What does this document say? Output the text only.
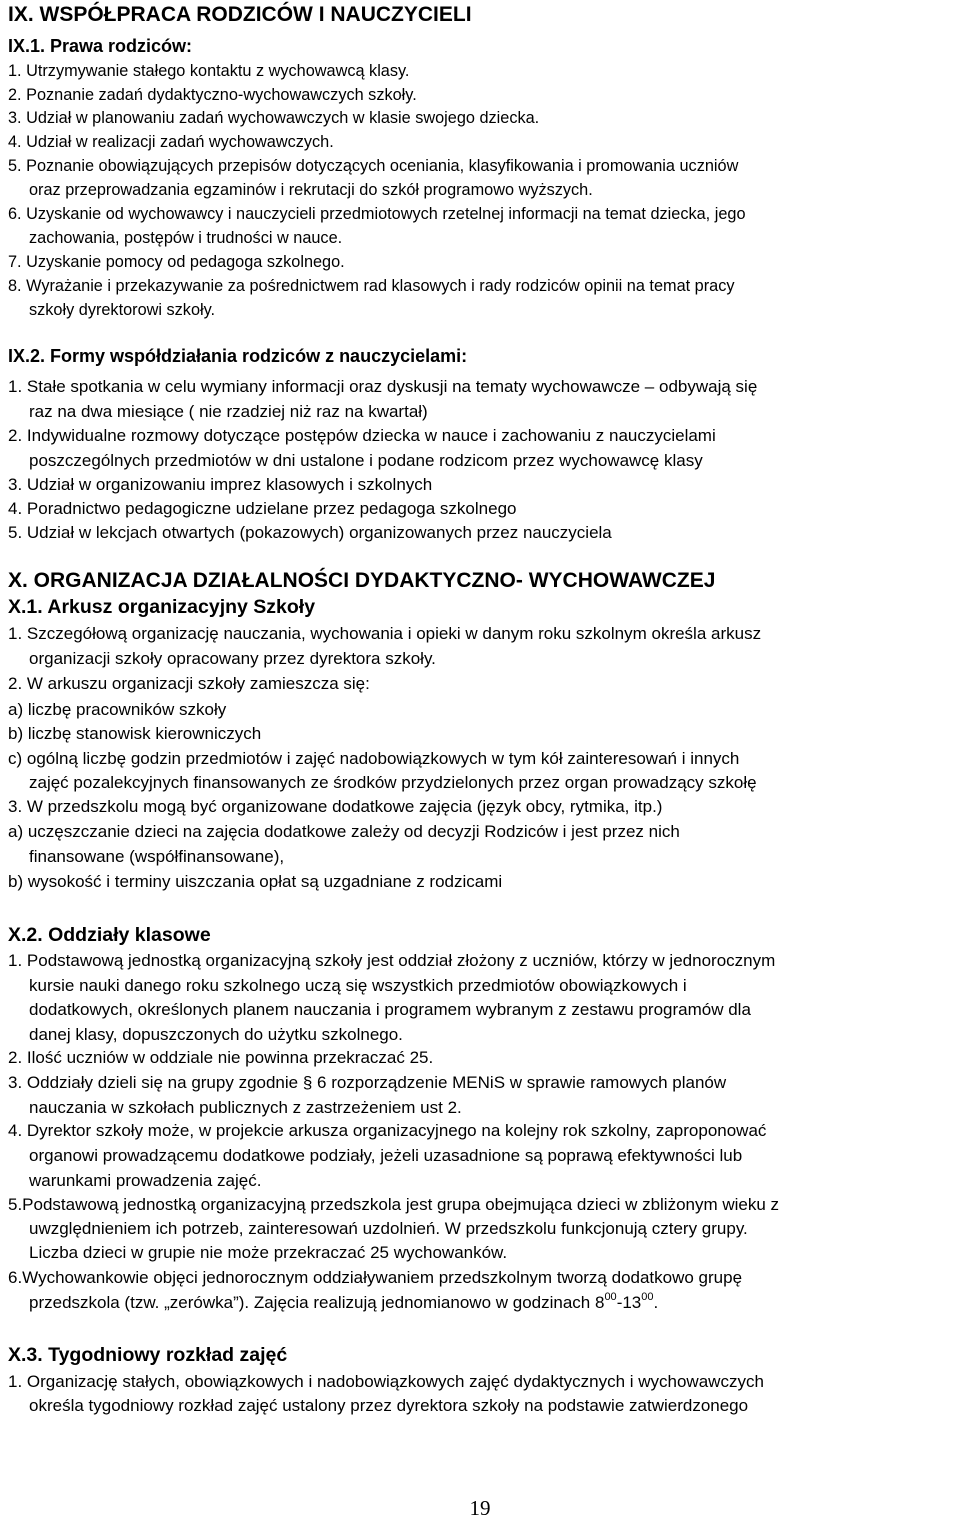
IX. WSPÓŁPRACA RODZICÓW I NAUCZYCIELI
IX.1. Prawa rodziców:
1. Utrzymywanie stałego kontaktu z wychowawcą klasy.
2. Poznanie zadań dydaktyczno-wychowawczych szkoły.
3. Udział w planowaniu zadań wychowawczych w klasie swojego dziecka.
4. Udział w realizacji zadań wychowawczych.
5. Poznanie obowiązujących przepisów dotyczących oceniania, klasyfikowania i promowania uczniów
oraz przeprowadzania egzaminów i rekrutacji do szkół programowo wyższych.
6. Uzyskanie od wychowawcy i nauczycieli przedmiotowych rzetelnej informacji na temat dziecka, jego
zachowania, postępów i trudności w nauce.
7. Uzyskanie pomocy od pedagoga szkolnego.
8. Wyrażanie i przekazywanie za pośrednictwem rad klasowych i rady rodziców opinii na temat pracy
szkoły dyrektorowi szkoły.
IX.2. Formy współdziałania rodziców z nauczycielami:
1. Stałe spotkania w celu wymiany informacji oraz dyskusji na tematy wychowawcze – odbywają się
raz na dwa miesiące ( nie rzadziej niż raz na kwartał)
2. Indywidualne rozmowy dotyczące postępów dziecka w nauce i zachowaniu z nauczycielami
poszczególnych przedmiotów w dni ustalone i podane rodzicom przez wychowawcę klasy
3. Udział w organizowaniu imprez klasowych i szkolnych
4. Poradnictwo pedagogiczne udzielane przez pedagoga szkolnego
5. Udział w lekcjach otwartych (pokazowych) organizowanych przez nauczyciela
X. ORGANIZACJA DZIAŁALNOŚCI DYDAKTYCZNO- WYCHOWAWCZEJ
X.1. Arkusz organizacyjny Szkoły
1. Szczegółową organizację nauczania, wychowania i opieki w danym roku szkolnym określa arkusz
organizacji szkoły opracowany przez dyrektora szkoły.
2. W arkuszu organizacji szkoły zamieszcza się:
a) liczbę pracowników szkoły
b) liczbę stanowisk kierowniczych
c) ogólną liczbę godzin przedmiotów i zajęć nadobowiązkowych w tym kół zainteresowań i innych
zajęć pozalekcyjnych finansowanych ze środków przydzielonych przez organ prowadzący szkołę
3. W przedszkolu mogą być organizowane dodatkowe zajęcia (język obcy, rytmika, itp.)
a) uczęszczanie dzieci na zajęcia dodatkowe zależy od decyzji Rodziców i jest przez nich
finansowane (współfinansowane),
b) wysokość i terminy uiszczania opłat są uzgadniane z rodzicami
X.2. Oddziały klasowe
1. Podstawową jednostką organizacyjną szkoły jest oddział złożony z uczniów, którzy w jednorocznym
kursie nauki danego roku szkolnego uczą się wszystkich przedmiotów obowiązkowych i
dodatkowych, określonych planem nauczania i programem wybranym z zestawu programów dla
danej klasy, dopuszczonych do użytku szkolnego.
2. Ilość uczniów w oddziale nie powinna przekraczać 25.
3. Oddziały dzieli się na grupy zgodnie § 6 rozporządzenie MENiS w sprawie ramowych planów
nauczania w szkołach publicznych z zastrzeżeniem ust 2.
4. Dyrektor szkoły może, w projekcie arkusza organizacyjnego na kolejny rok szkolny, zaproponować
organowi prowadzącemu dodatkowe podziały, jeżeli uzasadnione są poprawą efektywności lub
warunkami prowadzenia zajęć.
5.Podstawową jednostką organizacyjną przedszkola jest grupa obejmująca dzieci w zbliżonym wieku z
uwzględnieniem ich potrzeb, zainteresowań uzdolnień. W przedszkolu funkcjonują cztery grupy.
Liczba dzieci w grupie nie może przekraczać 25 wychowanków.
6.Wychowankowie objęci jednorocznym oddziaływaniem przedszkolnym tworzą dodatkowo grupę
przedszkola (tzw. „zerówka”). Zajęcia realizują jednomianowo w godzinach $8^{00}-13^{00}$.
X.3. Tygodniowy rozkład zajęć
1. Organizację stałych, obowiązkowych i nadobowiązkowych zajęć dydaktycznych i wychowawczych
określa tygodniowy rozkład zajęć ustalony przez dyrektora szkoły na podstawie zatwierdzonego
19
